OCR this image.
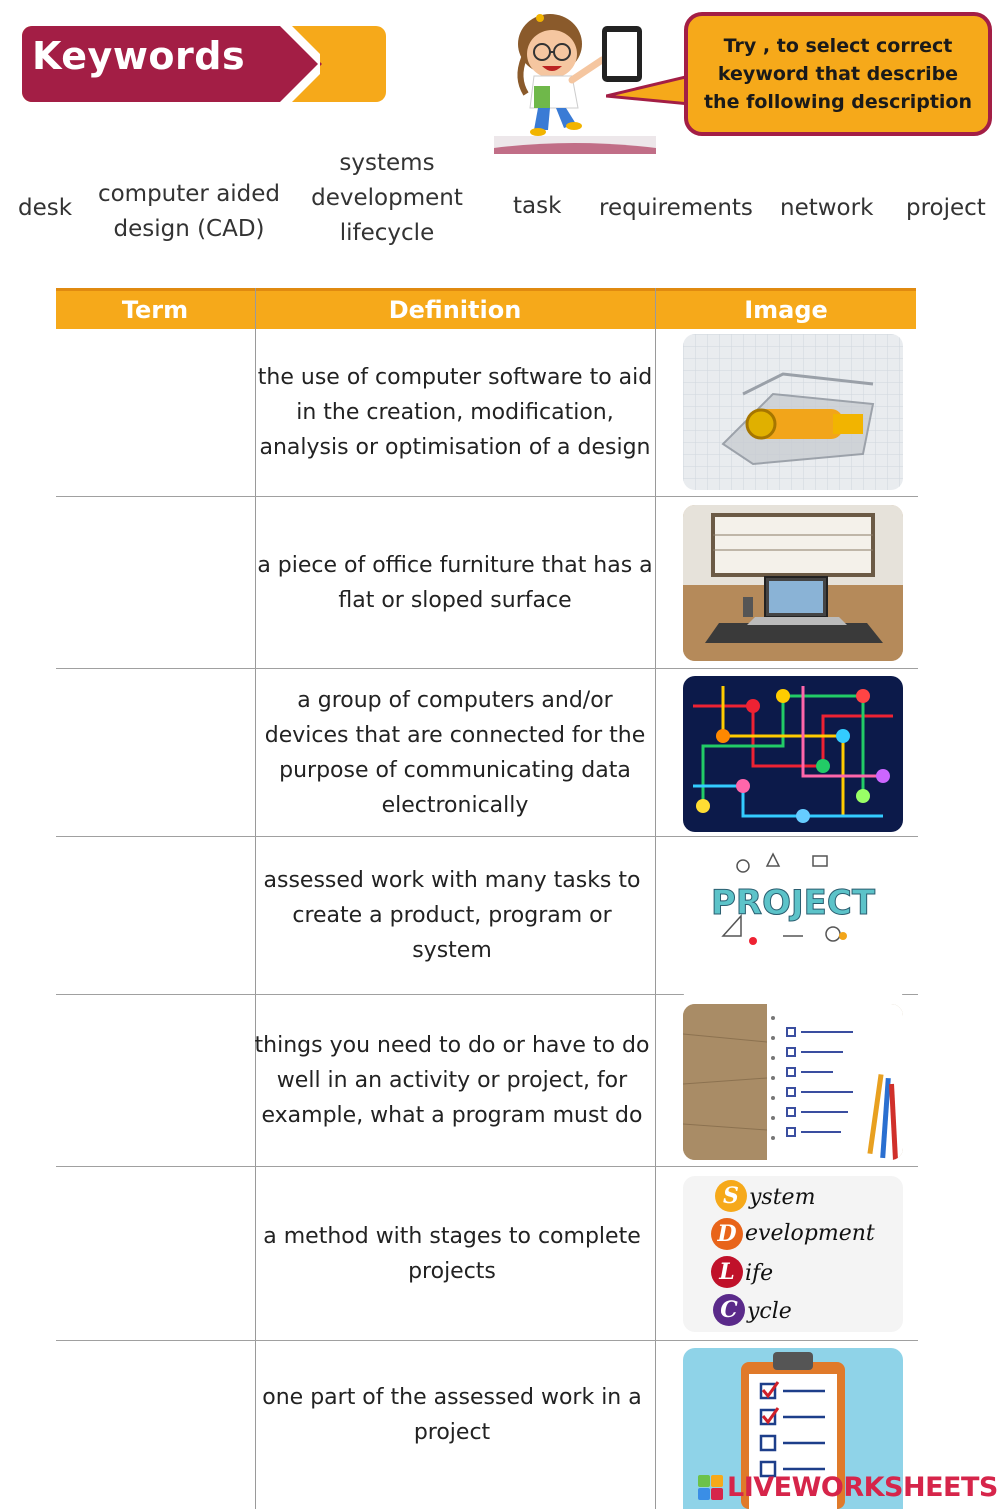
Keywords	Try , to select correct keyword that describe the following description
desk
computer aided design (CAD)
systems development lifecycle
task requirements network project
Term	Definition	Image
the use of computer software to aid in the creation, modification, analysis or optimisation of a design
a piece of office furniture that has a flat or sloped surface
a group of computers and/or devices that are connected for the purpose of communicating data electronically
assessed work with many tasks to create a product, program or system
PROJECT
things you need to do or have to do well in an activity or project, for example, what a program must do
a method with stages to complete projects
S ystem
D evelopment
L ife
C ycle
one part of the assessed work in a project
LIVEWORKSHEETS
